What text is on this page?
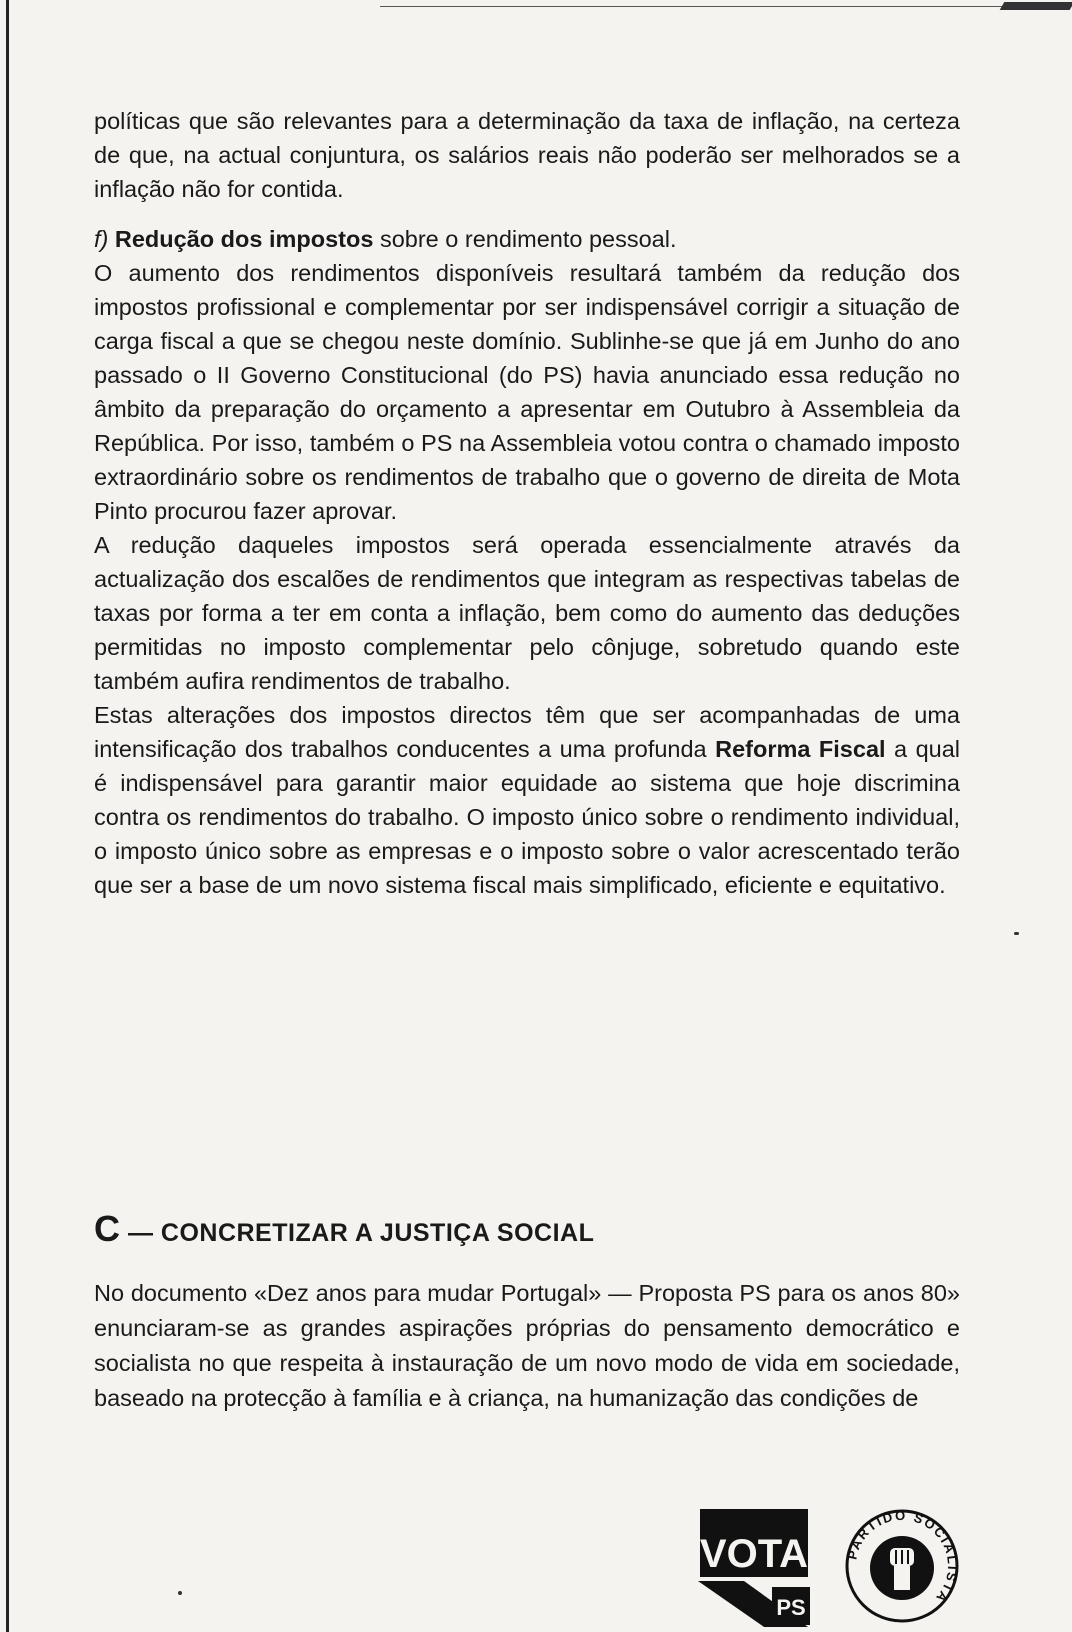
políticas que são relevantes para a determinação da taxa de inflação, na certeza de que, na actual conjuntura, os salários reais não poderão ser melhorados se a inflação não for contida.

f) Redução dos impostos sobre o rendimento pessoal.

O aumento dos rendimentos disponíveis resultará também da redução dos impostos profissional e complementar por ser indispensável corrigir a situação de carga fiscal a que se chegou neste domínio. Sublinhe-se que já em Junho do ano passado o II Governo Constitucional (do PS) havia anunciado essa redução no âmbito da preparação do orçamento a apresentar em Outubro à Assembleia da República. Por isso, também o PS na Assembleia votou contra o chamado imposto extraordinário sobre os rendimentos de trabalho que o governo de direita de Mota Pinto procurou fazer aprovar.

A redução daqueles impostos será operada essencialmente através da actualização dos escalões de rendimentos que integram as respectivas tabelas de taxas por forma a ter em conta a inflação, bem como do aumento das deduções permitidas no imposto complementar pelo cônjuge, sobretudo quando este também aufira rendimentos de trabalho.

Estas alterações dos impostos directos têm que ser acompanhadas de uma intensificação dos trabalhos conducentes a uma profunda Reforma Fiscal a qual é indispensável para garantir maior equidade ao sistema que hoje discrimina contra os rendimentos do trabalho. O imposto único sobre o rendimento individual, o imposto único sobre as empresas e o imposto sobre o valor acrescentado terão que ser a base de um novo sistema fiscal mais simplificado, eficiente e equitativo.

C — CONCRETIZAR A JUSTIÇA SOCIAL

No documento «Dez anos para mudar Portugal» — Proposta PS para os anos 80» enunciaram-se as grandes aspirações próprias do pensamento democrático e socialista no que respeita à instauração de um novo modo de vida em sociedade, baseado na protecção à família e à criança, na humanização das condições de

VOTA
PS
PARTIDO SOCIALISTA
